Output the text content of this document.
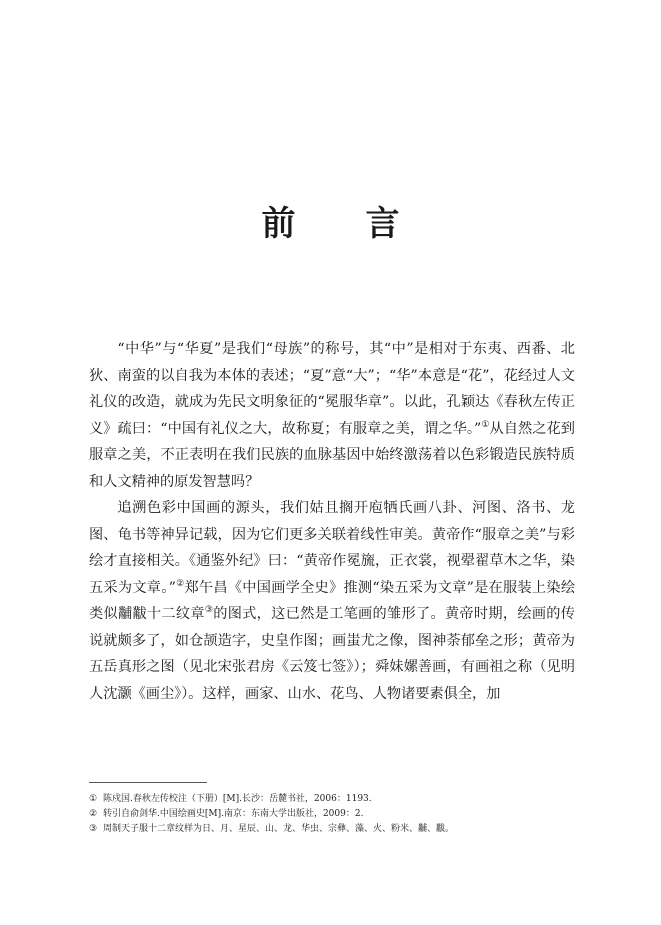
前 言

“中华”与“华夏”是我们“母族”的称号，其“中”是相对于东夷、西番、北狄、南蛮的以自我为本体的表述；“夏”意“大”；“华”本意是“花”，花经过人文礼仪的改造，就成为先民文明象征的“冕服华章”。以此，孔颖达《春秋左传正义》疏曰：“中国有礼仪之大，故称夏；有服章之美，谓之华。”①从自然之花到服章之美，不正表明在我们民族的血脉基因中始终激荡着以色彩锻造民族特质和人文精神的原发智慧吗？

追溯色彩中国画的源头，我们姑且搁开庖牺氏画八卦、河图、洛书、龙图、龟书等神异记载，因为它们更多关联着线性审美。黄帝作“服章之美”与彩绘才直接相关。《通鉴外纪》曰：“黄帝作冕旒，正衣裳，视翚翟草木之华，染五采为文章。”②郑午昌《中国画学全史》推测“染五采为文章”是在服装上染绘类似黼黻十二纹章③的图式，这已然是工笔画的雏形了。黄帝时期，绘画的传说就颇多了，如仓颉造字，史皇作图；画蚩尤之像，图神荼郁垒之形；黄帝为五岳真形之图（见北宋张君房《云笈七签》）；舜妹嫘善画，有画祖之称（见明人沈灏《画尘》）。这样，画家、山水、花鸟、人物诸要素俱全，加

① 陈戍国.春秋左传校注（下册）[M].长沙：岳麓书社，2006：1193.
② 转引自俞剑华.中国绘画史[M].南京：东南大学出版社，2009：2.
③ 周制天子服十二章纹样为日、月、星辰、山、龙、华虫、宗彝、藻、火、粉米、黼、黻。
